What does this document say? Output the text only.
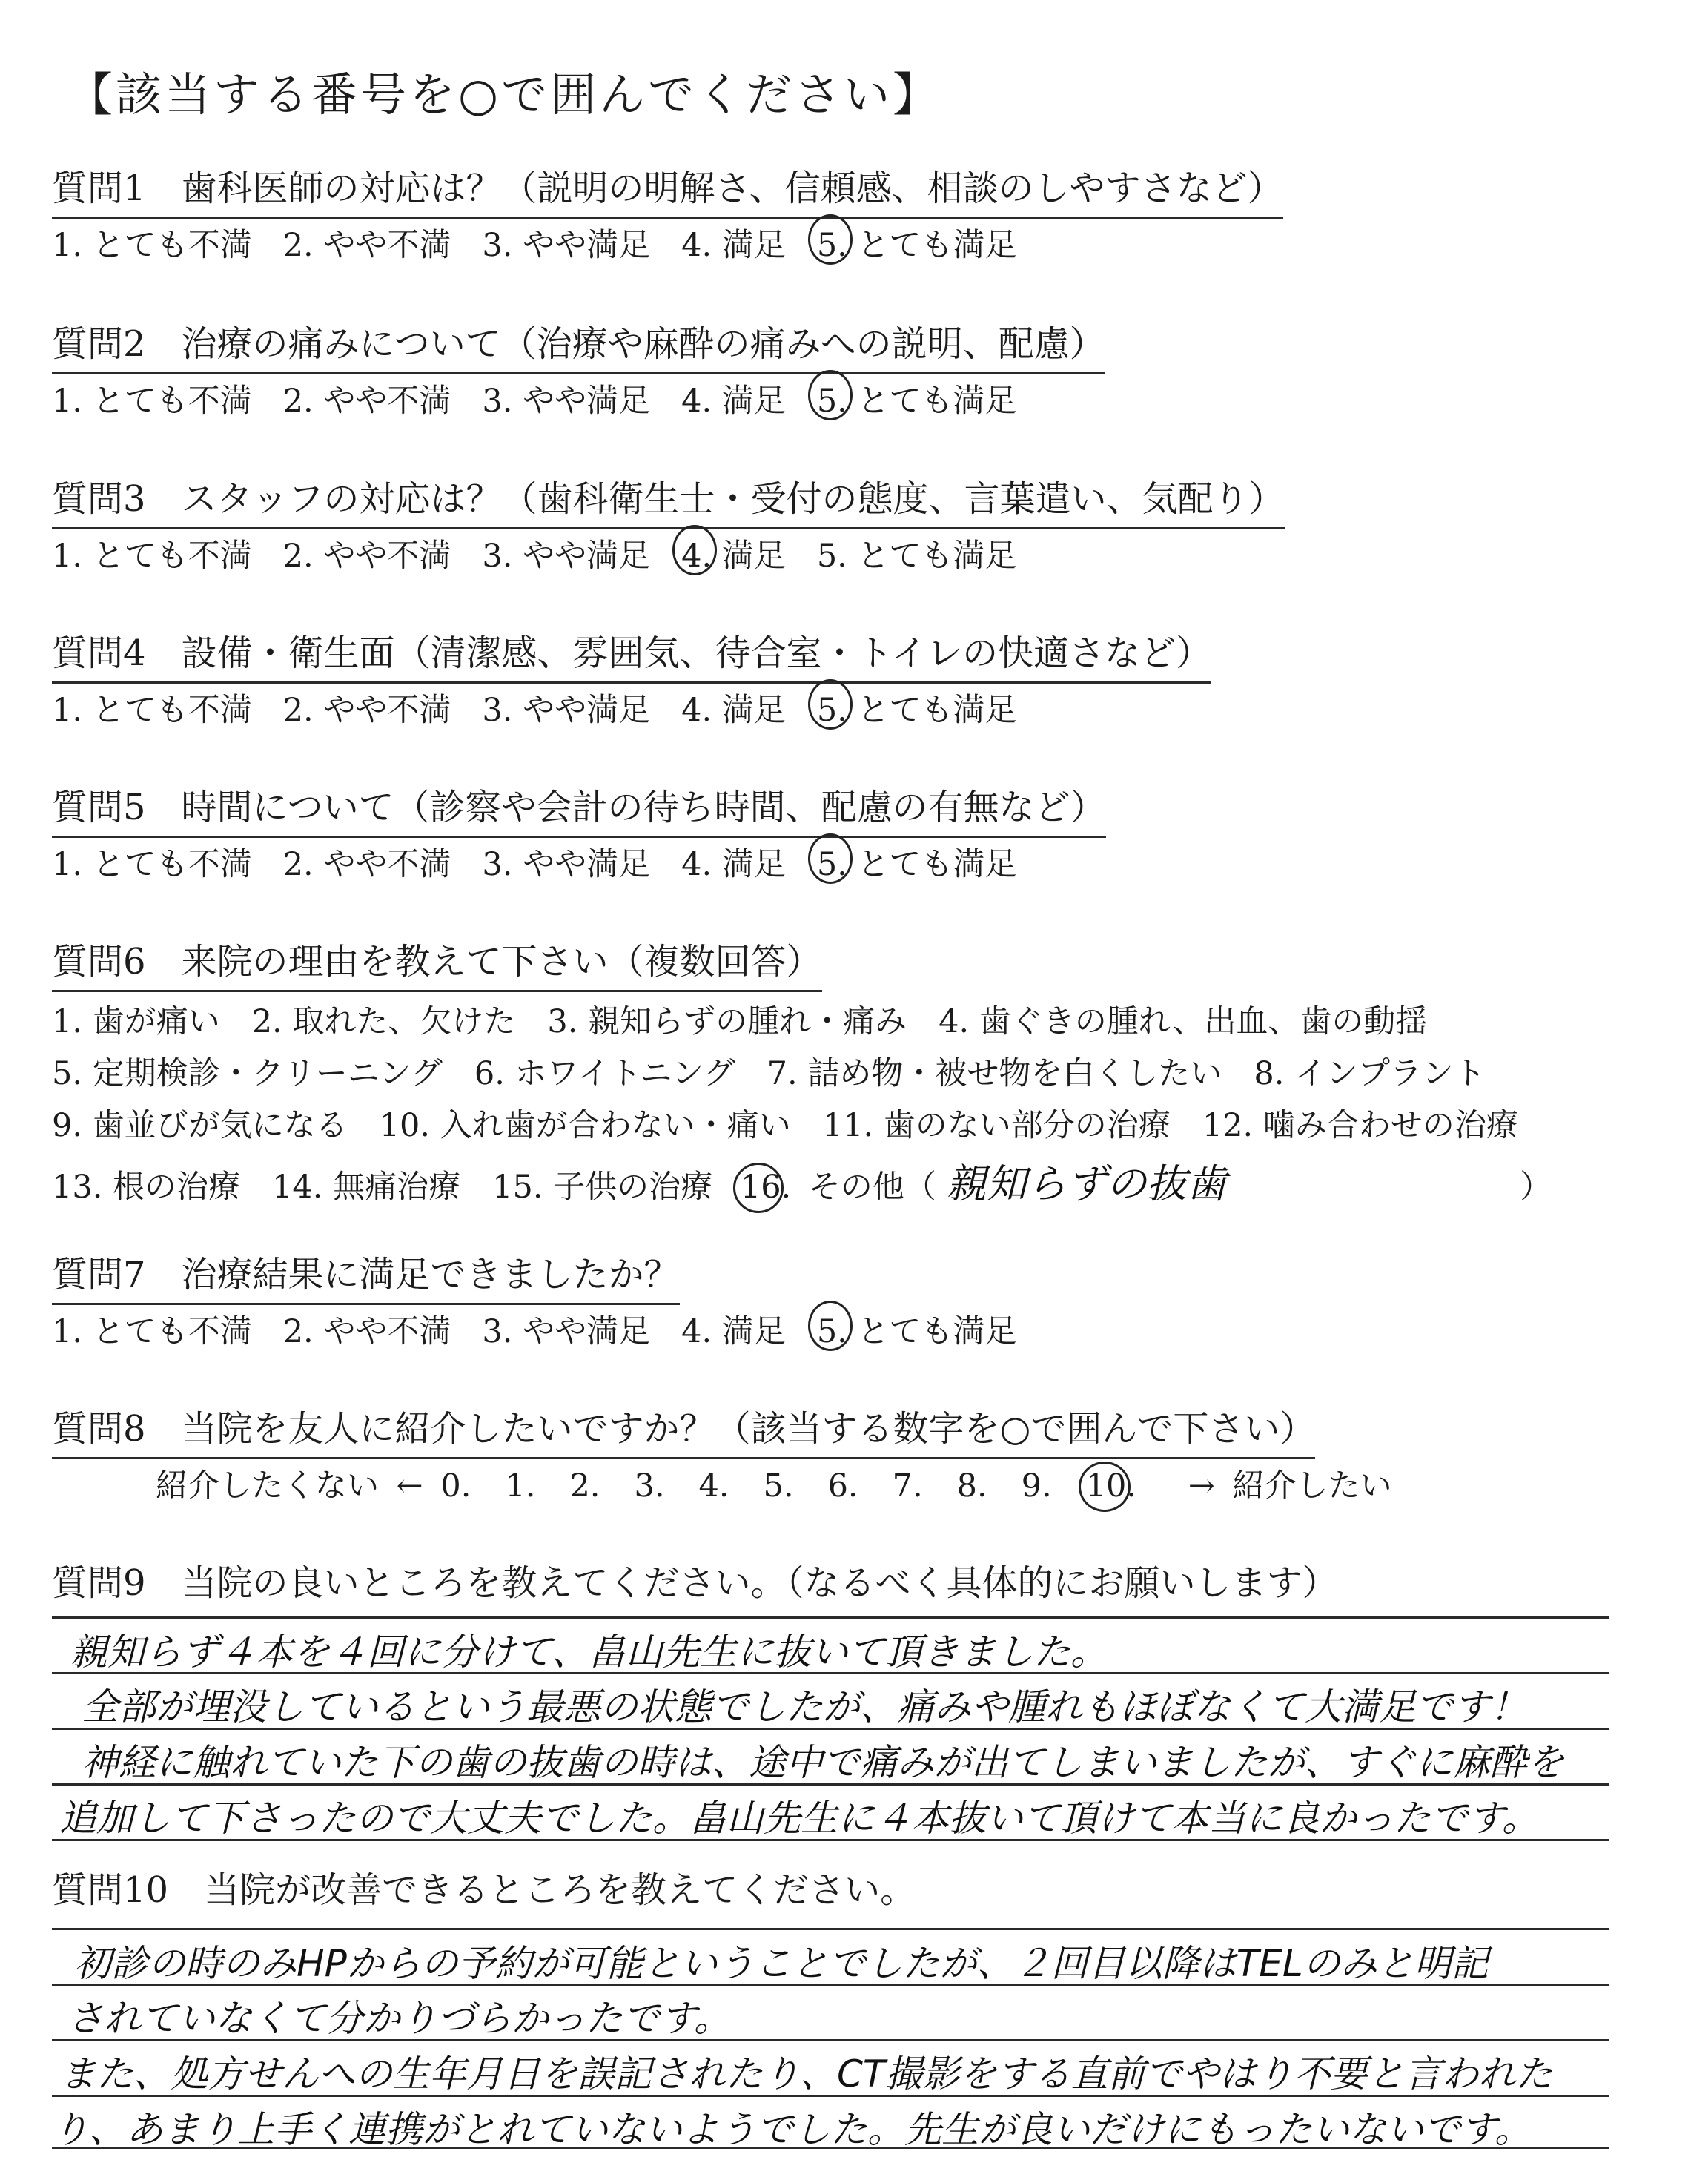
【該当する番号を○で囲んでください】
質問1　歯科医師の対応は？（説明の明解さ、信頼感、相談のしやすさなど）
1. とても不満 2. やや不満 3. やや満足 4. 満足 5. とても満足
質問2　治療の痛みについて（治療や麻酔の痛みへの説明、配慮）
1. とても不満 2. やや不満 3. やや満足 4. 満足 5. とても満足
質問3　スタッフの対応は？（歯科衛生士・受付の態度、言葉遣い、気配り）
1. とても不満 2. やや不満 3. やや満足 4. 満足 5. とても満足
質問4　設備・衛生面（清潔感、雰囲気、待合室・トイレの快適さなど）
1. とても不満 2. やや不満 3. やや満足 4. 満足 5. とても満足
質問5　時間について（診察や会計の待ち時間、配慮の有無など）
1. とても不満 2. やや不満 3. やや満足 4. 満足 5. とても満足
質問6　来院の理由を教えて下さい（複数回答）
1. 歯が痛い　2. 取れた、欠けた　3. 親知らずの腫れ・痛み　4. 歯ぐきの腫れ、出血、歯の動揺
5. 定期検診・クリーニング　6. ホワイトニング　7. 詰め物・被せ物を白くしたい　8. インプラント
9. 歯並びが気になる　10. 入れ歯が合わない・痛い　11. 歯のない部分の治療　12. 噛み合わせの治療
13. 根の治療　14. 無痛治療　15. 子供の治療 16. その他（ 親知らずの抜歯	）
質問7　治療結果に満足できましたか？
1. とても不満 2. やや不満 3. やや満足 4. 満足 5. とても満足
質問8　当院を友人に紹介したいですか？（該当する数字を○で囲んで下さい）
紹介したくない ← 0. 1. 2. 3. 4. 5. 6. 7. 8. 9. 10. → 紹介したい
質問9　当院の良いところを教えてください。（なるべく具体的にお願いします）
親知らず４本を４回に分けて、畠山先生に抜いて頂きました。
全部が埋没しているという最悪の状態でしたが、痛みや腫れもほぼなくて大満足です！
神経に触れていた下の歯の抜歯の時は、途中で痛みが出てしまいましたが、すぐに麻酔を
追加して下さったので大丈夫でした。畠山先生に４本抜いて頂けて本当に良かったです。
質問10　当院が改善できるところを教えてください。
初診の時のみHPからの予約が可能ということでしたが、２回目以降はTELのみと明記
されていなくて分かりづらかったです。
また、処方せんへの生年月日を誤記されたり、CT撮影をする直前でやはり不要と言われた
り、あまり上手く連携がとれていないようでした。先生が良いだけにもったいないです。
